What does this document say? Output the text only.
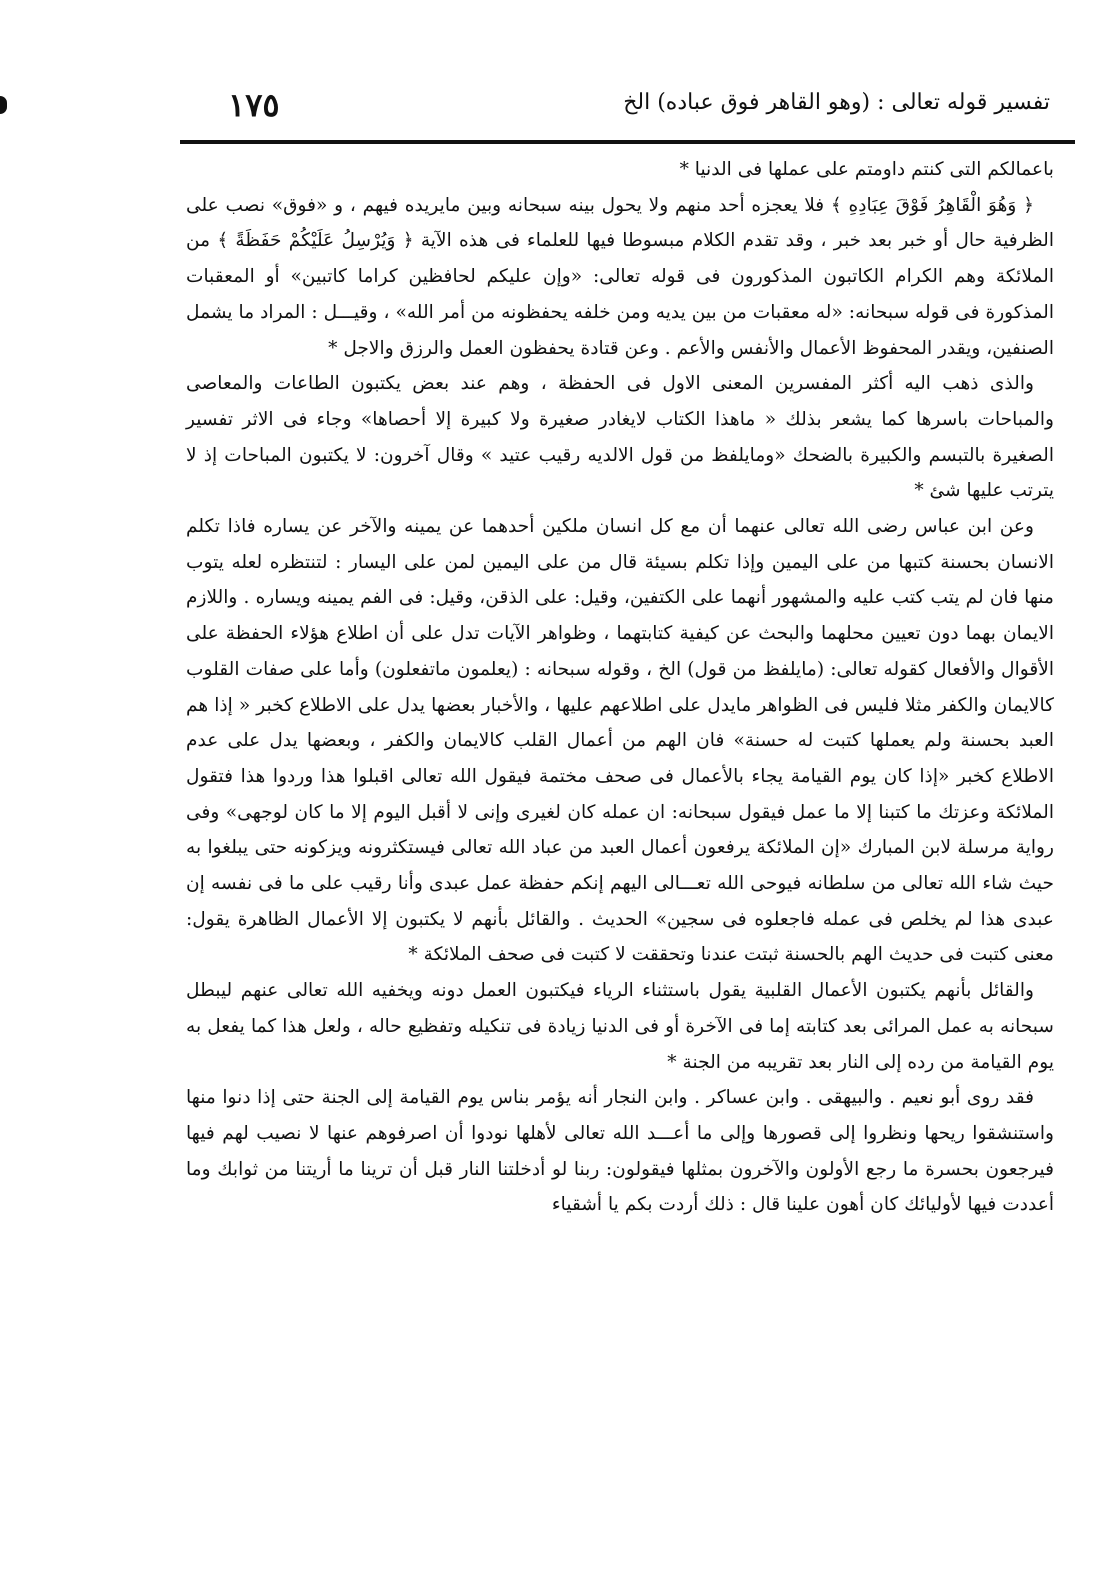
تفسير قوله تعالى : (وهو القاهر فوق عباده) الخ
١٧٥

باعمالكم التى كنتم داومتم على عملها فى الدنيا *

﴿ وَهُوَ الْقَاهِرُ فَوْقَ عِبَادِهِ ﴾ فلا يعجزه أحد منهم ولا يحول بينه سبحانه وبين مايريده فيهم ، و «فوق» نصب على الظرفية حال أو خبر بعد خبر ، وقد تقدم الكلام مبسوطا فيها للعلماء فى هذه الآية ﴿ وَيُرْسِلُ عَلَيْكُمْ حَفَظَةً ﴾ من الملائكة وهم الكرام الكاتبون المذكورون فى قوله تعالى: «وإن عليكم لحافظين كراما كاتبين» أو المعقبات المذكورة فى قوله سبحانه: «له معقبات من بين يديه ومن خلفه يحفظونه من أمر الله» ، وقيـــل : المراد ما يشمل الصنفين، ويقدر المحفوظ الأعمال والأنفس والأعم . وعن قتادة يحفظون العمل والرزق والاجل *

والذى ذهب اليه أكثر المفسرين المعنى الاول فى الحفظة ، وهم عند بعض يكتبون الطاعات والمعاصى والمباحات باسرها كما يشعر بذلك « ماهذا الكتاب لايغادر صغيرة ولا كبيرة إلا أحصاها» وجاء فى الاثر تفسير الصغيرة بالتبسم والكبيرة بالضحك «ومايلفظ من قول الالديه رقيب عتيد » وقال آخرون: لا يكتبون المباحات إذ لا يترتب عليها شئ *

وعن ابن عباس رضى الله تعالى عنهما أن مع كل انسان ملكين أحدهما عن يمينه والآخر عن يساره فاذا تكلم الانسان بحسنة كتبها من على اليمين وإذا تكلم بسيئة قال من على اليمين لمن على اليسار : لتنتظره لعله يتوب منها فان لم يتب كتب عليه والمشهور أنهما على الكتفين، وقيل: على الذقن، وقيل: فى الفم يمينه ويساره . واللازم الايمان بهما دون تعيين محلهما والبحث عن كيفية كتابتهما ، وظواهر الآيات تدل على أن اطلاع هؤلاء الحفظة على الأقوال والأفعال كقوله تعالى: (مايلفظ من قول) الخ ، وقوله سبحانه : (يعلمون ماتفعلون) وأما على صفات القلوب كالايمان والكفر مثلا فليس فى الظواهر مايدل على اطلاعهم عليها ، والأخبار بعضها يدل على الاطلاع كخبر « إذا هم العبد بحسنة ولم يعملها كتبت له حسنة» فان الهم من أعمال القلب كالايمان والكفر ، وبعضها يدل على عدم الاطلاع كخبر «إذا كان يوم القيامة يجاء بالأعمال فى صحف مختمة فيقول الله تعالى اقبلوا هذا وردوا هذا فتقول الملائكة وعزتك ما كتبنا إلا ما عمل فيقول سبحانه: ان عمله كان لغيرى وإنى لا أقبل اليوم إلا ما كان لوجهى» وفى رواية مرسلة لابن المبارك «إن الملائكة يرفعون أعمال العبد من عباد الله تعالى فيستكثرونه ويزكونه حتى يبلغوا به حيث شاء الله تعالى من سلطانه فيوحى الله تعـــالى اليهم إنكم حفظة عمل عبدى وأنا رقيب على ما فى نفسه إن عبدى هذا لم يخلص فى عمله فاجعلوه فى سجين» الحديث . والقائل بأنهم لا يكتبون إلا الأعمال الظاهرة يقول: معنى كتبت فى حديث الهم بالحسنة ثبتت عندنا وتحققت لا كتبت فى صحف الملائكة *

والقائل بأنهم يكتبون الأعمال القلبية يقول باستثناء الرياء فيكتبون العمل دونه ويخفيه الله تعالى عنهم ليبطل سبحانه به عمل المرائى بعد كتابته إما فى الآخرة أو فى الدنيا زيادة فى تنكيله وتفظيع حاله ، ولعل هذا كما يفعل به يوم القيامة من رده إلى النار بعد تقريبه من الجنة *

فقد روى أبو نعيم . والبيهقى . وابن عساكر . وابن النجار أنه يؤمر بناس يوم القيامة إلى الجنة حتى إذا دنوا منها واستنشقوا ريحها ونظروا إلى قصورها وإلى ما أعـــد الله تعالى لأهلها نودوا أن اصرفوهم عنها لا نصيب لهم فيها فيرجعون بحسرة ما رجع الأولون والآخرون بمثلها فيقولون: ربنا لو أدخلتنا النار قبل أن ترينا ما أريتنا من ثوابك وما أعددت فيها لأوليائك كان أهون علينا قال : ذلك أردت بكم يا أشقياء
